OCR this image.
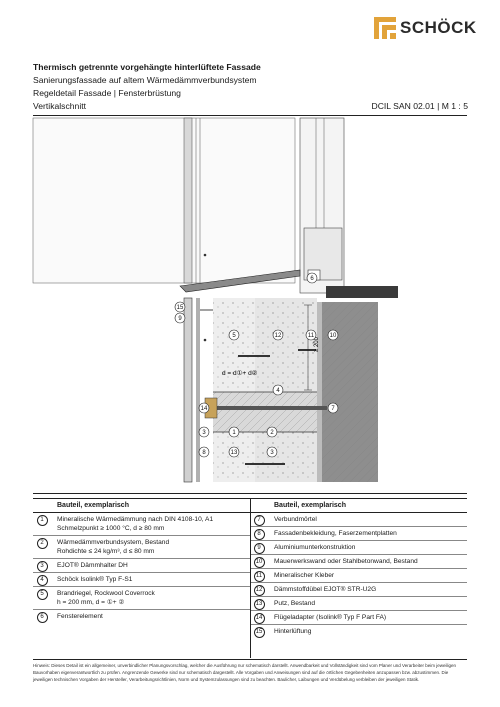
SCHÖCK
Thermisch getrennte vorgehängte hinterlüftete Fassade
Sanierungsfassade auf altem Wärmedämmverbundsystem
Regeldetail Fassade | Fensterbrüstung
Vertikalschnitt	DCIL SAN 02.01 | M 1 : 5
≥ 200
d = d①+ d②
6
15
9
5	12	11	10
4
14	7
3	1	2
8	13	3
Bauteil, exemplarisch
1	Mineralische Wärmedämmung nach DIN 4108-10, A1
Schmelzpunkt ≥ 1000 °C, d ≥ 80 mm
2	Wärmedämmverbundsystem, Bestand
Rohdichte ≤ 24 kg/m³, d ≤ 80 mm
3	EJOT® Dämmhalter DH
4	Schöck Isolink® Typ F-S1
5	Brandriegel, Rockwool Coverrock
h = 200 mm, d = ①+ ②
6	Fensterelement
Bauteil, exemplarisch
7	Verbundmörtel
8	Fassadenbekleidung, Faserzementplatten
9	Aluminiumunterkonstruktion
10	Mauerwerkswand oder Stahlbetonwand, Bestand
11	Mineralischer Kleber
12	Dämmstoffdübel EJOT® STR-U2G
13	Putz, Bestand
14	Flügeladapter (Isolink® Typ F Part FA)
15	Hinterlüftung
Hinweis: Dieses Detail ist ein allgemeiner, unverbindlicher Planungsvorschlag, welcher die Ausführung nur schematisch darstellt. Anwendbarkeit und Vollständigkeit sind vom Planer und Verarbeiter beim jeweiligen Bauvorhaben eigenverantwortlich zu prüfen. Angrenzende Gewerke sind nur schematisch dargestellt. Alle Vorgaben und Anweisungen sind auf die örtlichen Gegebenheiten anzupassen bzw. abzustimmen. Die jeweiligen technischen Vorgaben der Hersteller, Verarbeitungsrichtlinien, Norm und Systemzulassungen sind zu beachten. Baulicher, Laibungen und Verdübelung verbleiben der jeweiligen Statik.
